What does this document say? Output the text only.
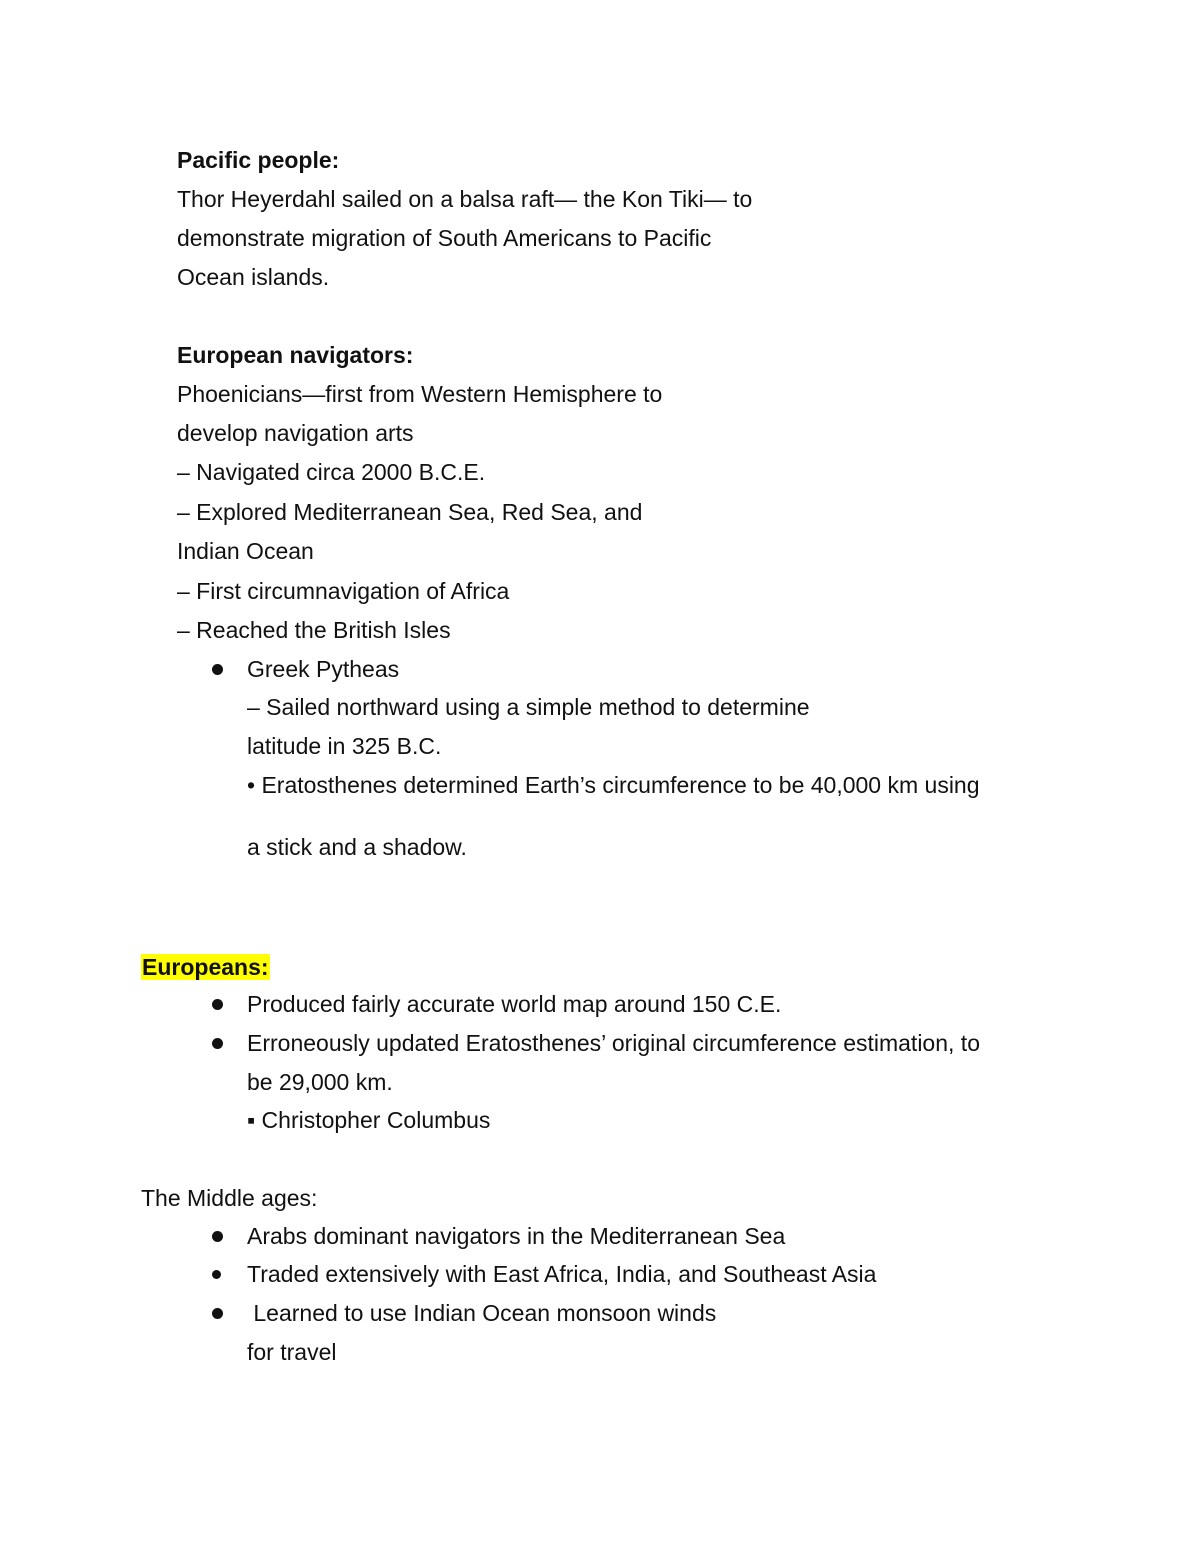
Pacific people:
Thor Heyerdahl sailed on a balsa raft— the Kon Tiki— to
demonstrate migration of South Americans to Pacific
Ocean islands.
European navigators:
Phoenicians—first from Western Hemisphere to
develop navigation arts
– Navigated circa 2000 B.C.E.
– Explored Mediterranean Sea, Red Sea, and
Indian Ocean
– First circumnavigation of Africa
– Reached the British Isles
Greek Pytheas
– Sailed northward using a simple method to determine
latitude in 325 B.C.
• Eratosthenes determined Earth’s circumference to be 40,000 km using
a stick and a shadow.
Europeans:
Produced fairly accurate world map around 150 C.E.
Erroneously updated Eratosthenes’ original circumference estimation, to
be 29,000 km.
▪ Christopher Columbus
The Middle ages:
Arabs dominant navigators in the Mediterranean Sea
Traded extensively with East Africa, India, and Southeast Asia
Learned to use Indian Ocean monsoon winds
for travel
